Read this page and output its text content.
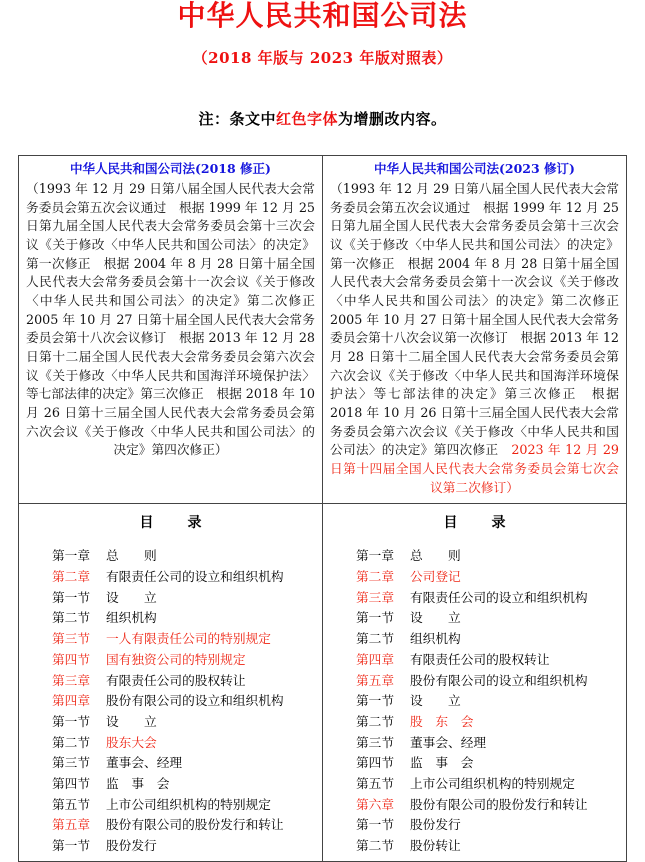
中华人民共和国公司法
（2018 年版与 2023 年版对照表）
注：条文中红色字体为增删改内容。
中华人民共和国公司法(2018 修正)
（1993 年 12 月 29 日第八届全国人民代表大会常务委员会第五次会议通过　根据 1999 年 12 月 25 日第九届全国人民代表大会常务委员会第十三次会议《关于修改〈中华人民共和国公司法〉的决定》第一次修正　根据 2004 年 8 月 28 日第十届全国人民代表大会常务委员会第十一次会议《关于修改〈中华人民共和国公司法〉的决定》第二次修正　2005 年 10 月 27 日第十届全国人民代表大会常务委员会第十八次会议修订　根据 2013 年 12 月 28 日第十二届全国人民代表大会常务委员会第六次会议《关于修改〈中华人民共和国海洋环境保护法〉等七部法律的决定》第三次修正　根据 2018 年 10 月 26 日第十三届全国人民代表大会常务委员会第六次会议《关于修改〈中华人民共和国公司法〉的决定》第四次修正）

中华人民共和国公司法(2023 修订)
（1993 年 12 月 29 日第八届全国人民代表大会常务委员会第五次会议通过　根据 1999 年 12 月 25 日第九届全国人民代表大会常务委员会第十三次会议《关于修改〈中华人民共和国公司法〉的决定》第一次修正　根据 2004 年 8 月 28 日第十届全国人民代表大会常务委员会第十一次会议《关于修改〈中华人民共和国公司法〉的决定》第二次修正　2005 年 10 月 27 日第十届全国人民代表大会常务委员会第十八次会议第一次修订　根据 2013 年 12 月 28 日第十二届全国人民代表大会常务委员会第六次会议《关于修改〈中华人民共和国海洋环境保护法〉等七部法律的决定》第三次修正　根据 2018 年 10 月 26 日第十三届全国人民代表大会常务委员会第六次会议《关于修改〈中华人民共和国公司法〉的决定》第四次修正　2023 年 12 月 29 日第十四届全国人民代表大会常务委员会第七次会议第二次修订）

目　录
第一章 总　　则
第二章 有限责任公司的设立和组织机构
第一节 设　　立
第二节 组织机构
第三节 一人有限责任公司的特别规定
第四节 国有独资公司的特别规定
第三章 有限责任公司的股权转让
第四章 股份有限公司的设立和组织机构
第一节 设　　立
第二节 股东大会
第三节 董事会、经理
第四节 监　事　会
第五节 上市公司组织机构的特别规定
第五章 股份有限公司的股份发行和转让
第一节 股份发行

目　录
第一章 总　　则
第二章 公司登记
第三章 有限责任公司的设立和组织机构
第一节 设　　立
第二节 组织机构
第四章 有限责任公司的股权转让
第五章 股份有限公司的设立和组织机构
第一节 设　　立
第二节 股　东　会
第三节 董事会、经理
第四节 监　事　会
第五节 上市公司组织机构的特别规定
第六章 股份有限公司的股份发行和转让
第一节 股份发行
第二节 股份转让
